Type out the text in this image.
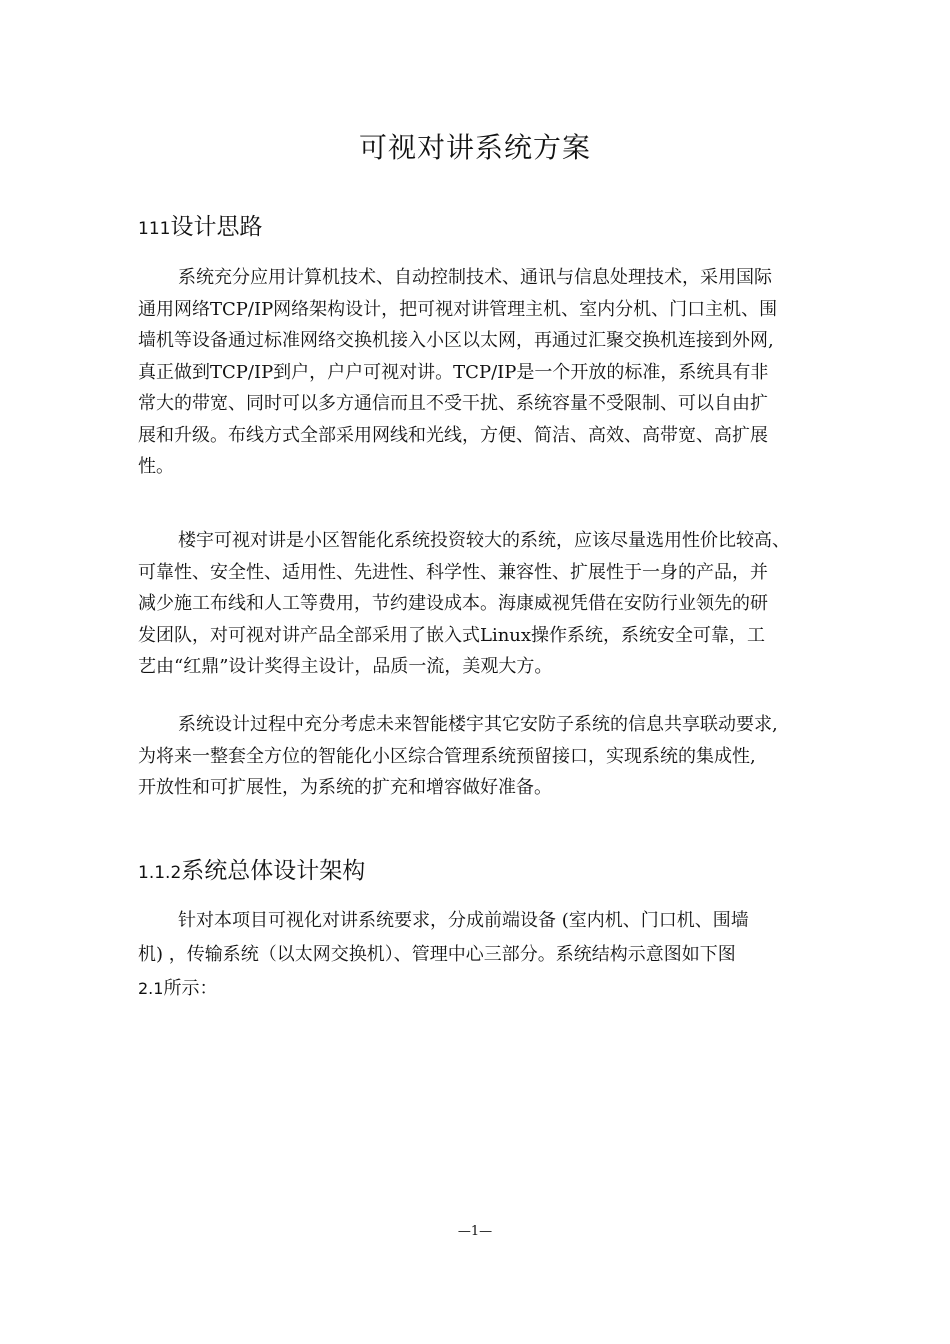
可视对讲系统方案
111设计思路
系统充分应用计算机技术、自动控制技术、通讯与信息处理技术，采用国际
通用网络TCP/IP网络架构设计，把可视对讲管理主机、室内分机、门口主机、围
墙机等设备通过标准网络交换机接入小区以太网，再通过汇聚交换机连接到外网,
真正做到TCP/IP到户，户户可视对讲。TCP/IP是一个开放的标准，系统具有非
常大的带宽、同时可以多方通信而且不受干扰、系统容量不受限制、可以自由扩
展和升级。布线方式全部采用网线和光线，方便、简洁、高效、高带宽、高扩展
性。
楼宇可视对讲是小区智能化系统投资较大的系统，应该尽量选用性价比较高、
可靠性、安全性、适用性、先进性、科学性、兼容性、扩展性于一身的产品，并
减少施工布线和人工等费用，节约建设成本。海康威视凭借在安防行业领先的研
发团队，对可视对讲产品全部采用了嵌入式Linux操作系统，系统安全可靠，工
艺由“红鼎”设计奖得主设计，品质一流，美观大方。
系统设计过程中充分考虑未来智能楼宇其它安防子系统的信息共享联动要求,
为将来一整套全方位的智能化小区综合管理系统预留接口，实现系统的集成性,
开放性和可扩展性，为系统的扩充和增容做好准备。
1.1.2系统总体设计架构
针对本项目可视化对讲系统要求，分成前端设备 (室内机、门口机、围墙
机) ，传输系统（以太网交换机）、管理中心三部分。系统结构示意图如下图
2.1所示：

—1—
